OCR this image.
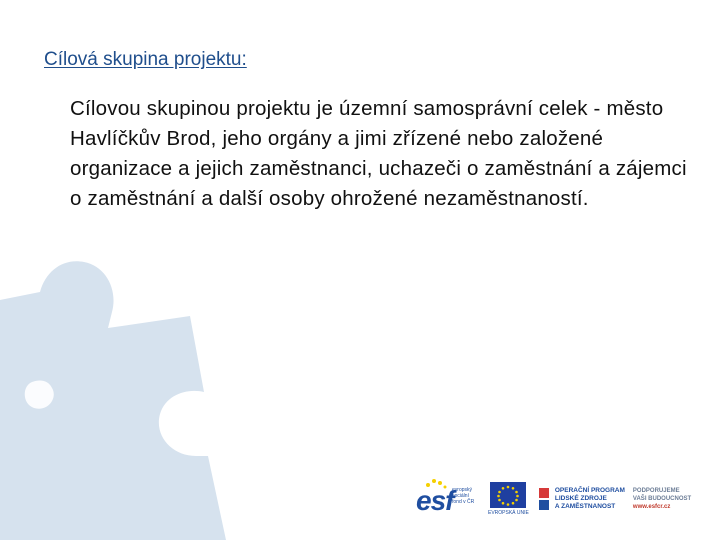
Cílová skupina projektu:
Cílovou skupinou projektu je územní samosprávní celek - město Havlíčkův Brod, jeho orgány a jimi zřízené nebo založené organizace a jejich zaměstnanci, uchazeči o zaměstnání a zájemci o zaměstnání a další osoby ohrožené nezaměstnaností.
esf
evropský
sociální
fond v ČR
EVROPSKÁ UNIE
OPERAČNÍ PROGRAM
LIDSKÉ ZDROJE
A ZAMĚSTNANOST
PODPORUJEME
VAŠI BUDOUCNOST
www.esfcr.cz
